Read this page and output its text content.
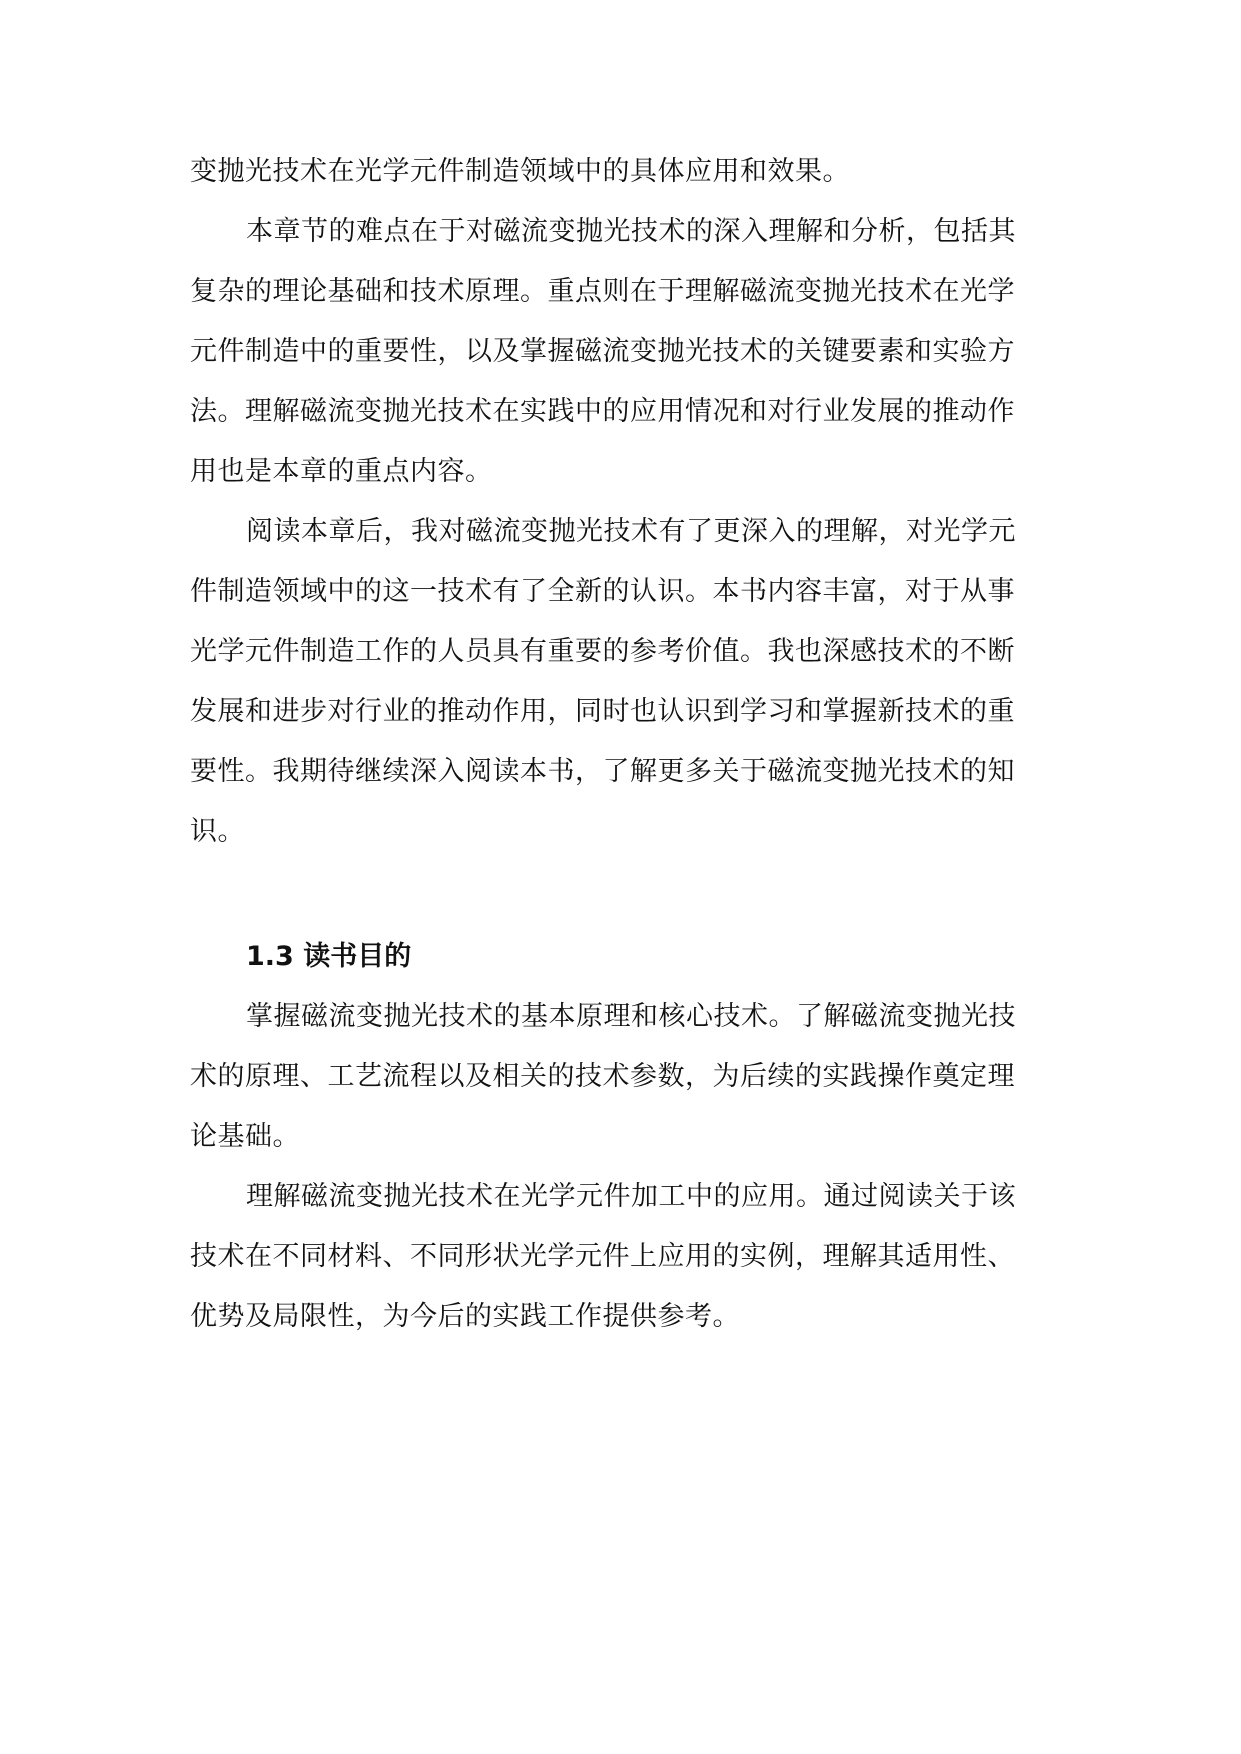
变抛光技术在光学元件制造领域中的具体应用和效果。
本章节的难点在于对磁流变抛光技术的深入理解和分析，包括其
复杂的理论基础和技术原理。重点则在于理解磁流变抛光技术在光学
元件制造中的重要性，以及掌握磁流变抛光技术的关键要素和实验方
法。理解磁流变抛光技术在实践中的应用情况和对行业发展的推动作
用也是本章的重点内容。
阅读本章后，我对磁流变抛光技术有了更深入的理解，对光学元
件制造领域中的这一技术有了全新的认识。本书内容丰富，对于从事
光学元件制造工作的人员具有重要的参考价值。我也深感技术的不断
发展和进步对行业的推动作用，同时也认识到学习和掌握新技术的重
要性。我期待继续深入阅读本书，了解更多关于磁流变抛光技术的知
识。
1.3 读书目的
掌握磁流变抛光技术的基本原理和核心技术。了解磁流变抛光技
术的原理、工艺流程以及相关的技术参数，为后续的实践操作奠定理
论基础。
理解磁流变抛光技术在光学元件加工中的应用。通过阅读关于该
技术在不同材料、不同形状光学元件上应用的实例，理解其适用性、
优势及局限性，为今后的实践工作提供参考。
